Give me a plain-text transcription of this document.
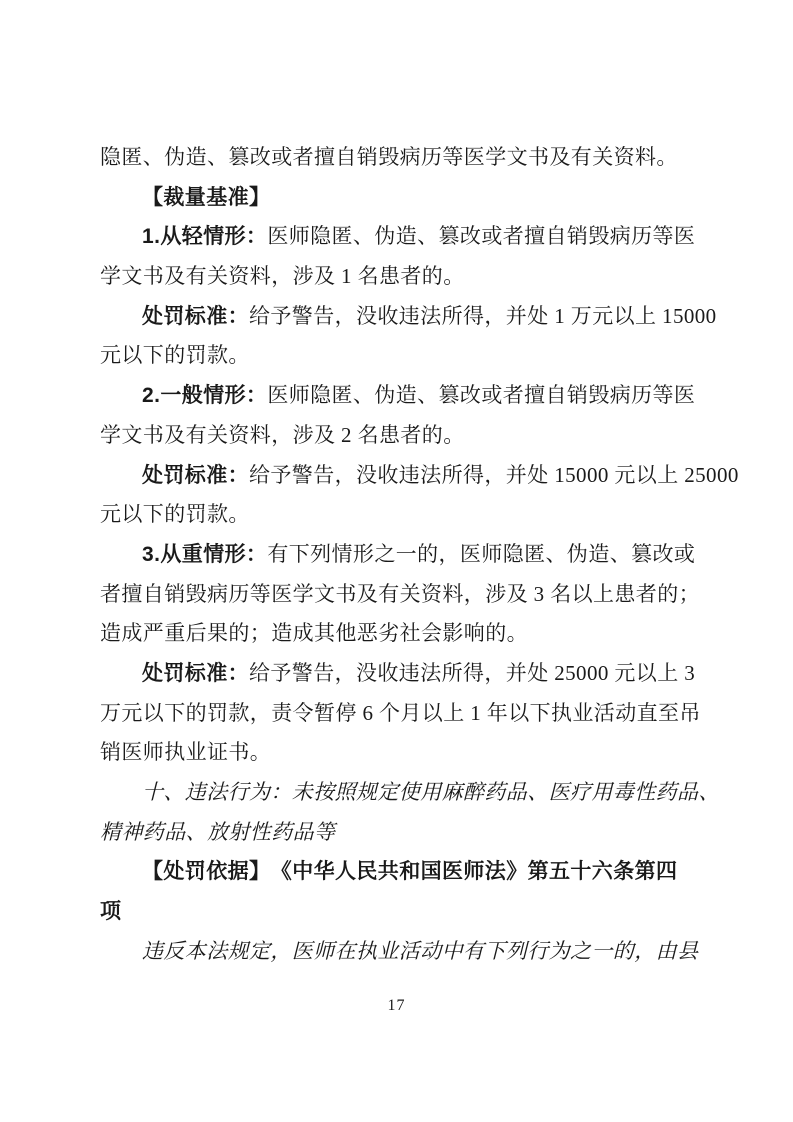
隐匿、伪造、篡改或者擅自销毁病历等医学文书及有关资料。
【裁量基准】
1.从轻情形：医师隐匿、伪造、篡改或者擅自销毁病历等医
学文书及有关资料，涉及 1 名患者的。
处罚标准：给予警告，没收违法所得，并处 1 万元以上 15000
元以下的罚款。
2.一般情形：医师隐匿、伪造、篡改或者擅自销毁病历等医
学文书及有关资料，涉及 2 名患者的。
处罚标准：给予警告，没收违法所得，并处 15000 元以上 25000
元以下的罚款。
3.从重情形：有下列情形之一的，医师隐匿、伪造、篡改或
者擅自销毁病历等医学文书及有关资料，涉及 3 名以上患者的；
造成严重后果的；造成其他恶劣社会影响的。
处罚标准：给予警告，没收违法所得，并处 25000 元以上 3
万元以下的罚款，责令暂停 6 个月以上 1 年以下执业活动直至吊
销医师执业证书。
十、违法行为：未按照规定使用麻醉药品、医疗用毒性药品、
精神药品、放射性药品等
【处罚依据】　《中华人民共和国医师法》第五十六条第四
项
违反本法规定，医师在执业活动中有下列行为之一的，由县
17
